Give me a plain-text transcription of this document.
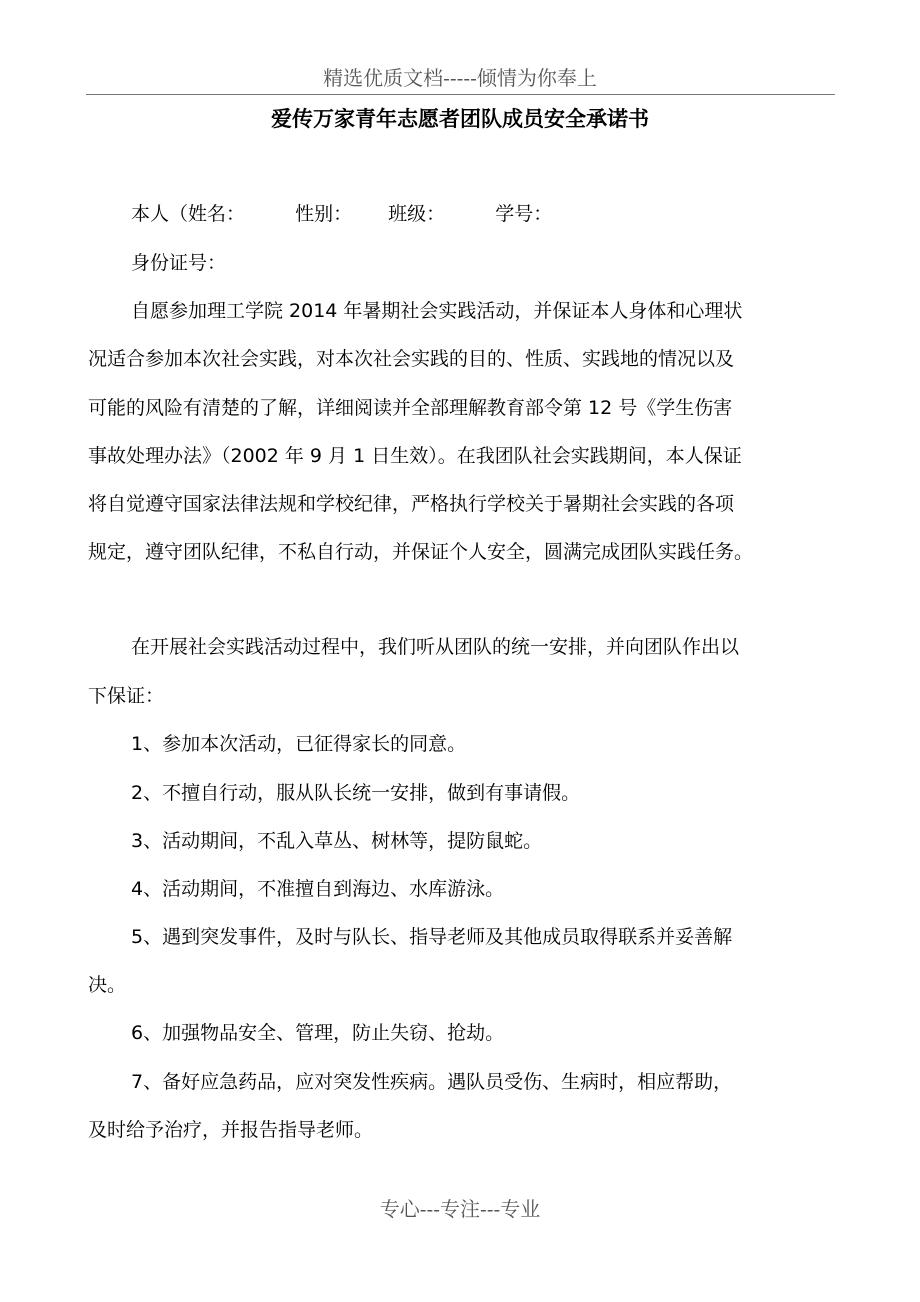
精选优质文档-----倾情为你奉上
爱传万家青年志愿者团队成员安全承诺书
本人（姓名：	性别： 班级：	学号：
身份证号：
自愿参加理工学院 2014 年暑期社会实践活动，并保证本人身体和心理状
况适合参加本次社会实践，对本次社会实践的目的、性质、实践地的情况以及
可能的风险有清楚的了解，详细阅读并全部理解教育部令第 12 号《学生伤害
事故处理办法》（2002 年 9 月 1 日生效）。在我团队社会实践期间，本人保证
将自觉遵守国家法律法规和学校纪律，严格执行学校关于暑期社会实践的各项
规定，遵守团队纪律，不私自行动，并保证个人安全，圆满完成团队实践任务。
在开展社会实践活动过程中，我们听从团队的统一安排，并向团队作出以
下保证：
1、参加本次活动，已征得家长的同意。
2、不擅自行动，服从队长统一安排，做到有事请假。
3、活动期间，不乱入草丛、树林等，提防鼠蛇。
4、活动期间，不准擅自到海边、水库游泳。
5、遇到突发事件，及时与队长、指导老师及其他成员取得联系并妥善解
决。
6、加强物品安全、管理，防止失窃、抢劫。
7、备好应急药品，应对突发性疾病。遇队员受伤、生病时，相应帮助，
及时给予治疗，并报告指导老师。
专心---专注---专业
